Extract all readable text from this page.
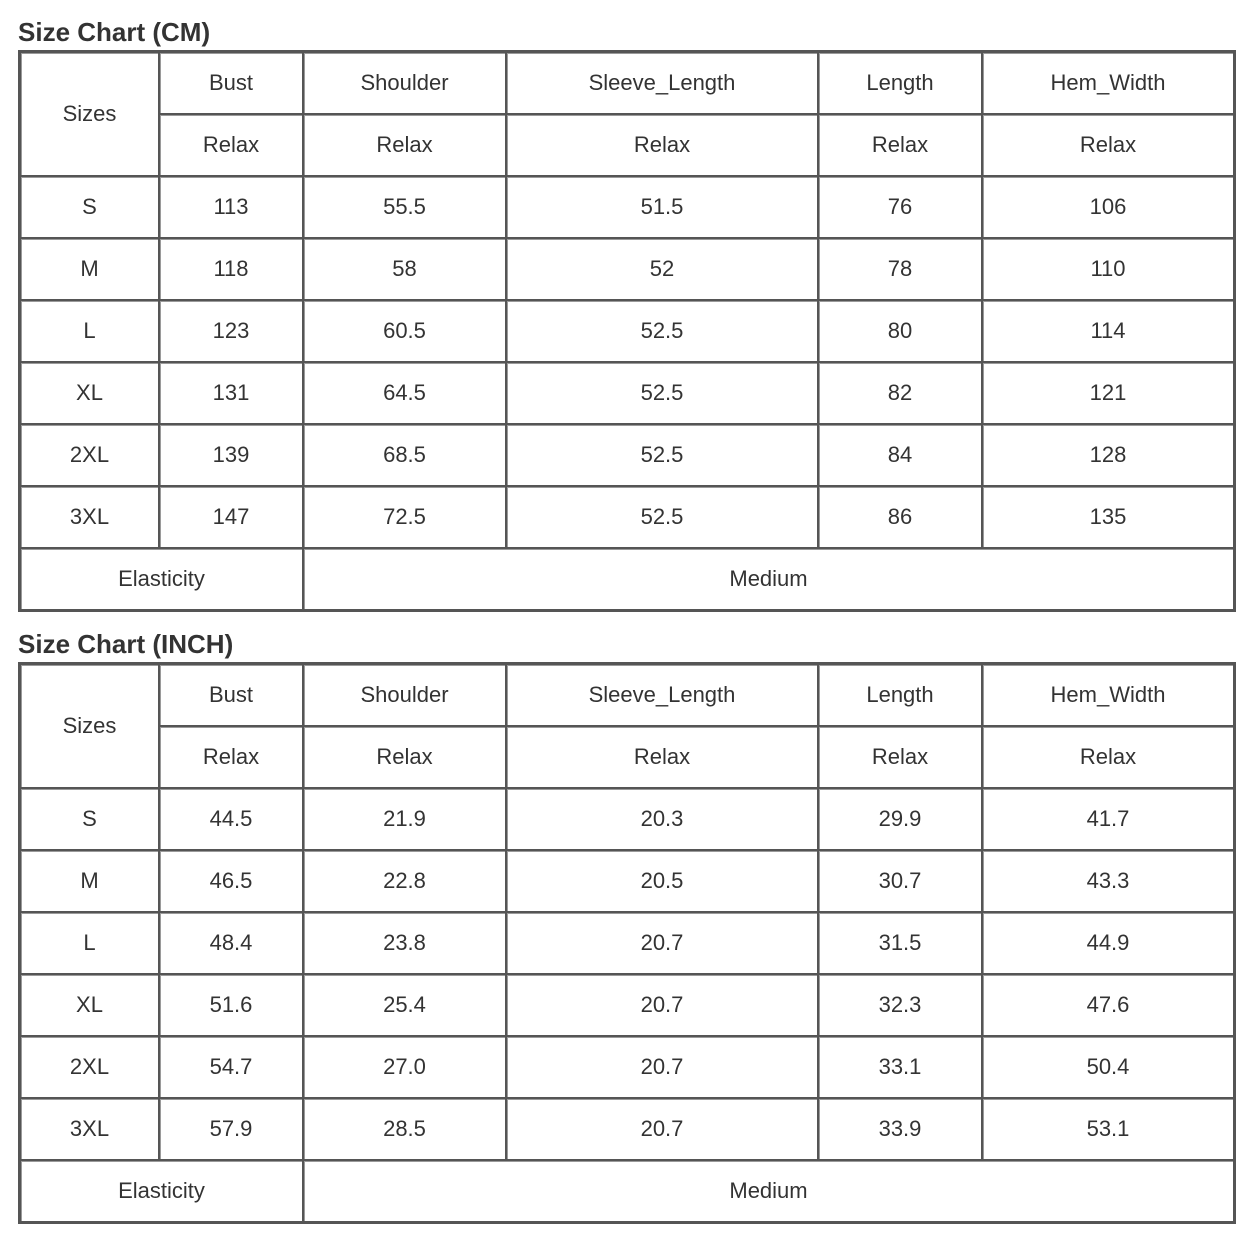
Size Chart (CM)
Sizes	Bust	Shoulder	Sleeve_Length	Length	Hem_Width
	Relax	Relax	Relax	Relax	Relax
S	113	55.5	51.5	76	106
M	118	58	52	78	110
L	123	60.5	52.5	80	114
XL	131	64.5	52.5	82	121
2XL	139	68.5	52.5	84	128
3XL	147	72.5	52.5	86	135
Elasticity		Medium			
Size Chart (INCH)
Sizes	Bust	Shoulder	Sleeve_Length	Length	Hem_Width
	Relax	Relax	Relax	Relax	Relax
S	44.5	21.9	20.3	29.9	41.7
M	46.5	22.8	20.5	30.7	43.3
L	48.4	23.8	20.7	31.5	44.9
XL	51.6	25.4	20.7	32.3	47.6
2XL	54.7	27.0	20.7	33.1	50.4
3XL	57.9	28.5	20.7	33.9	53.1
Elasticity		Medium			
